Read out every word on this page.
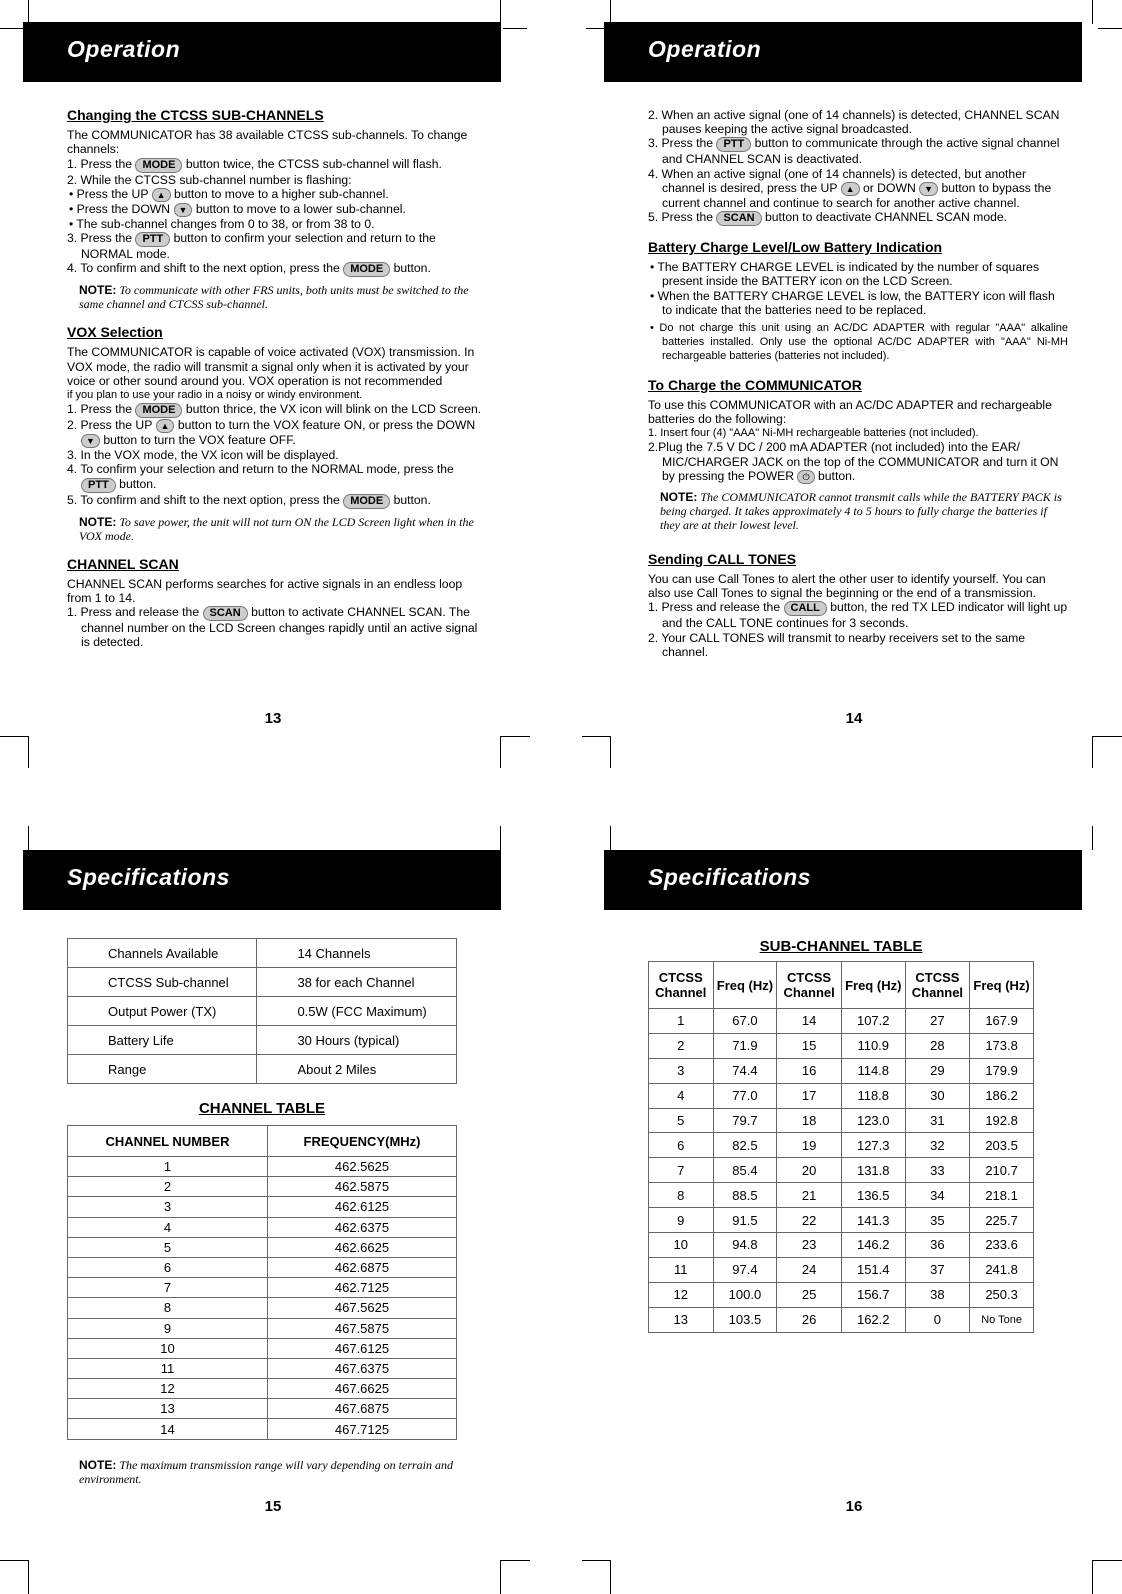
Operation
Changing the CTCSS SUB-CHANNELS

The COMMUNICATOR has 38 available CTCSS sub-channels. To change channels:

1. Press the MODE button twice, the CTCSS sub-channel will flash.

2. While the CTCSS sub-channel number is flashing:

• Press the UP ▲ button to move to a higher sub-channel.

• Press the DOWN ▼ button to move to a lower sub-channel.

• The sub-channel changes from 0 to 38, or from 38 to 0.

3. Press the PTT button to confirm your selection and return to the NORMAL mode.

4. To confirm and shift to the next option, press the MODE button.

NOTE: To communicate with other FRS units, both units must be switched to the same channel and CTCSS sub-channel.

VOX Selection

The COMMUNICATOR is capable of voice activated (VOX) transmission. In VOX mode, the radio will transmit a signal only when it is activated by your voice or other sound around you. VOX operation is not recommended

if you plan to use your radio in a noisy or windy environment.

1. Press the MODE button thrice, the VX icon will blink on the LCD Screen.

2. Press the UP ▲ button to turn the VOX feature ON, or press the DOWN ▼ button to turn the VOX feature OFF.

3. In the VOX mode, the VX icon will be displayed.

4. To confirm your selection and return to the NORMAL mode, press the PTT button.

5. To confirm and shift to the next option, press the MODE button.

NOTE: To save power, the unit will not turn ON the LCD Screen light when in the VOX mode.

CHANNEL SCAN

CHANNEL SCAN performs searches for active signals in an endless loop from 1 to 14.

1. Press and release the SCAN button to activate CHANNEL SCAN. The channel number on the LCD Screen changes rapidly until an active signal is detected.

13
Operation

2. When an active signal (one of 14 channels) is detected, CHANNEL SCAN pauses keeping the active signal broadcasted.

3. Press the PTT button to communicate through the active signal channel and CHANNEL SCAN is deactivated.

4. When an active signal (one of 14 channels) is detected, but another channel is desired, press the UP ▲ or DOWN ▼ button to bypass the current channel and continue to search for another active channel.

5. Press the SCAN button to deactivate CHANNEL SCAN mode.

Battery Charge Level/Low Battery Indication

• The BATTERY CHARGE LEVEL is indicated by the number of squares present inside the BATTERY icon on the LCD Screen.

• When the BATTERY CHARGE LEVEL is low, the BATTERY icon will flash to indicate that the batteries need to be replaced.

• Do not charge this unit using an AC/DC ADAPTER with regular "AAA" alkaline batteries installed. Only use the optional AC/DC ADAPTER with "AAA" Ni-MH rechargeable batteries (batteries not included).

To Charge the COMMUNICATOR

To use this COMMUNICATOR with an AC/DC ADAPTER and rechargeable batteries do the following:

1. Insert four (4) "AAA" Ni-MH rechargeable batteries (not included).

2.Plug the 7.5 V DC / 200 mA ADAPTER (not included) into the EAR/ MIC/CHARGER JACK on the top of the COMMUNICATOR and turn it ON by pressing the POWER ⏻ button.

NOTE: The COMMUNICATOR cannot transmit calls while the BATTERY PACK is being charged. It takes approximately 4 to 5 hours to fully charge the batteries if they are at their lowest level.

Sending CALL TONES

You can use Call Tones to alert the other user to identify yourself. You can also use Call Tones to signal the beginning or the end of a transmission.

1. Press and release the CALL button, the red TX LED indicator will light up and the CALL TONE continues for 3 seconds.

2. Your CALL TONES will transmit to nearby receivers set to the same channel.

14
Specifications
Channels Available	14 Channels
CTCSS Sub-channel	38 for each Channel
Output Power (TX)	0.5W (FCC Maximum)
Battery Life	30 Hours (typical)
Range	About 2 Miles
CHANNEL TABLE
CHANNEL NUMBER	FREQUENCY(MHz)
1	462.5625
2	462.5875
3	462.6125
4	462.6375
5	462.6625
6	462.6875
7	462.7125
8	467.5625
9	467.5875
10	467.6125
11	467.6375
12	467.6625
13	467.6875
14	467.7125

NOTE: The maximum transmission range will vary depending on terrain and environment.

15
Specifications
SUB-CHANNEL TABLE
CTCSS Channel	Freq (Hz)	CTCSS Channel	Freq (Hz)	CTCSS Channel	Freq (Hz)
1	67.0	14	107.2	27	167.9
2	71.9	15	110.9	28	173.8
3	74.4	16	114.8	29	179.9
4	77.0	17	118.8	30	186.2
5	79.7	18	123.0	31	192.8
6	82.5	19	127.3	32	203.5
7	85.4	20	131.8	33	210.7
8	88.5	21	136.5	34	218.1
9	91.5	22	141.3	35	225.7
10	94.8	23	146.2	36	233.6
11	97.4	24	151.4	37	241.8
12	100.0	25	156.7	38	250.3
13	103.5	26	162.2	0	No Tone
16
